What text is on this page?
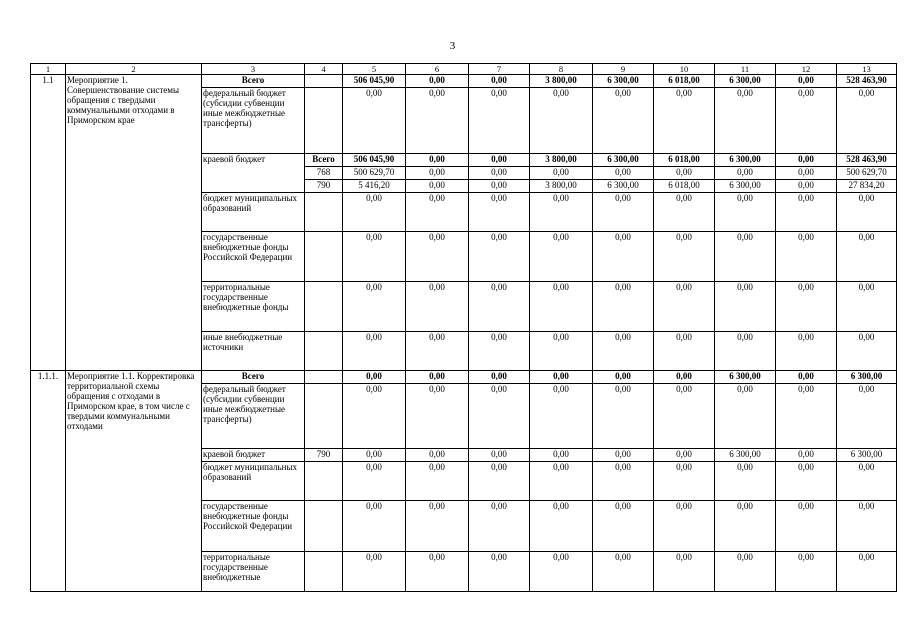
3
1	2	3	4	5	6	7	8	9	10	11	12	13
1.1	Мероприятие 1. Совершенствование системы обращения с твердыми коммунальными отходами в Приморском крае	Всего		506 045,90	0,00	0,00	3 800,00	6 300,00	6 018,00	6 300,00	0,00	528 463,90
		федеральный бюджет (субсидии субвенции иные межбюджетные трансферты)		0,00	0,00	0,00	0,00	0,00	0,00	0,00	0,00	0,00
		краевой бюджет	Всего	506 045,90	0,00	0,00	3 800,00	6 300,00	6 018,00	6 300,00	0,00	528 463,90
			768	500 629,70	0,00	0,00	0,00	0,00	0,00	0,00	0,00	500 629,70
			790	5 416,20	0,00	0,00	3 800,00	6 300,00	6 018,00	6 300,00	0,00	27 834,20
		бюджет муниципальных образований		0,00	0,00	0,00	0,00	0,00	0,00	0,00	0,00	0,00
		государственные внебюджетные фонды Российской Федерации		0,00	0,00	0,00	0,00	0,00	0,00	0,00	0,00	0,00
		территориальные государственные внебюджетные фонды		0,00	0,00	0,00	0,00	0,00	0,00	0,00	0,00	0,00
		иные внебюджетные источники		0,00	0,00	0,00	0,00	0,00	0,00	0,00	0,00	0,00
1.1.1.	Мероприятие 1.1. Корректировка территориальной схемы обращения с отходами в Приморском крае, в том числе с твердыми коммунальными отходами	Всего		0,00	0,00	0,00	0,00	0,00	0,00	6 300,00	0,00	6 300,00
		федеральный бюджет (субсидии субвенции иные межбюджетные трансферты)		0,00	0,00	0,00	0,00	0,00	0,00	0,00	0,00	0,00
		краевой бюджет	790	0,00	0,00	0,00	0,00	0,00	0,00	6 300,00	0,00	6 300,00
		бюджет муниципальных образований		0,00	0,00	0,00	0,00	0,00	0,00	0,00	0,00	0,00
		государственные внебюджетные фонды Российской Федерации		0,00	0,00	0,00	0,00	0,00	0,00	0,00	0,00	0,00
		территориальные государственные внебюджетные		0,00	0,00	0,00	0,00	0,00	0,00	0,00	0,00	0,00
